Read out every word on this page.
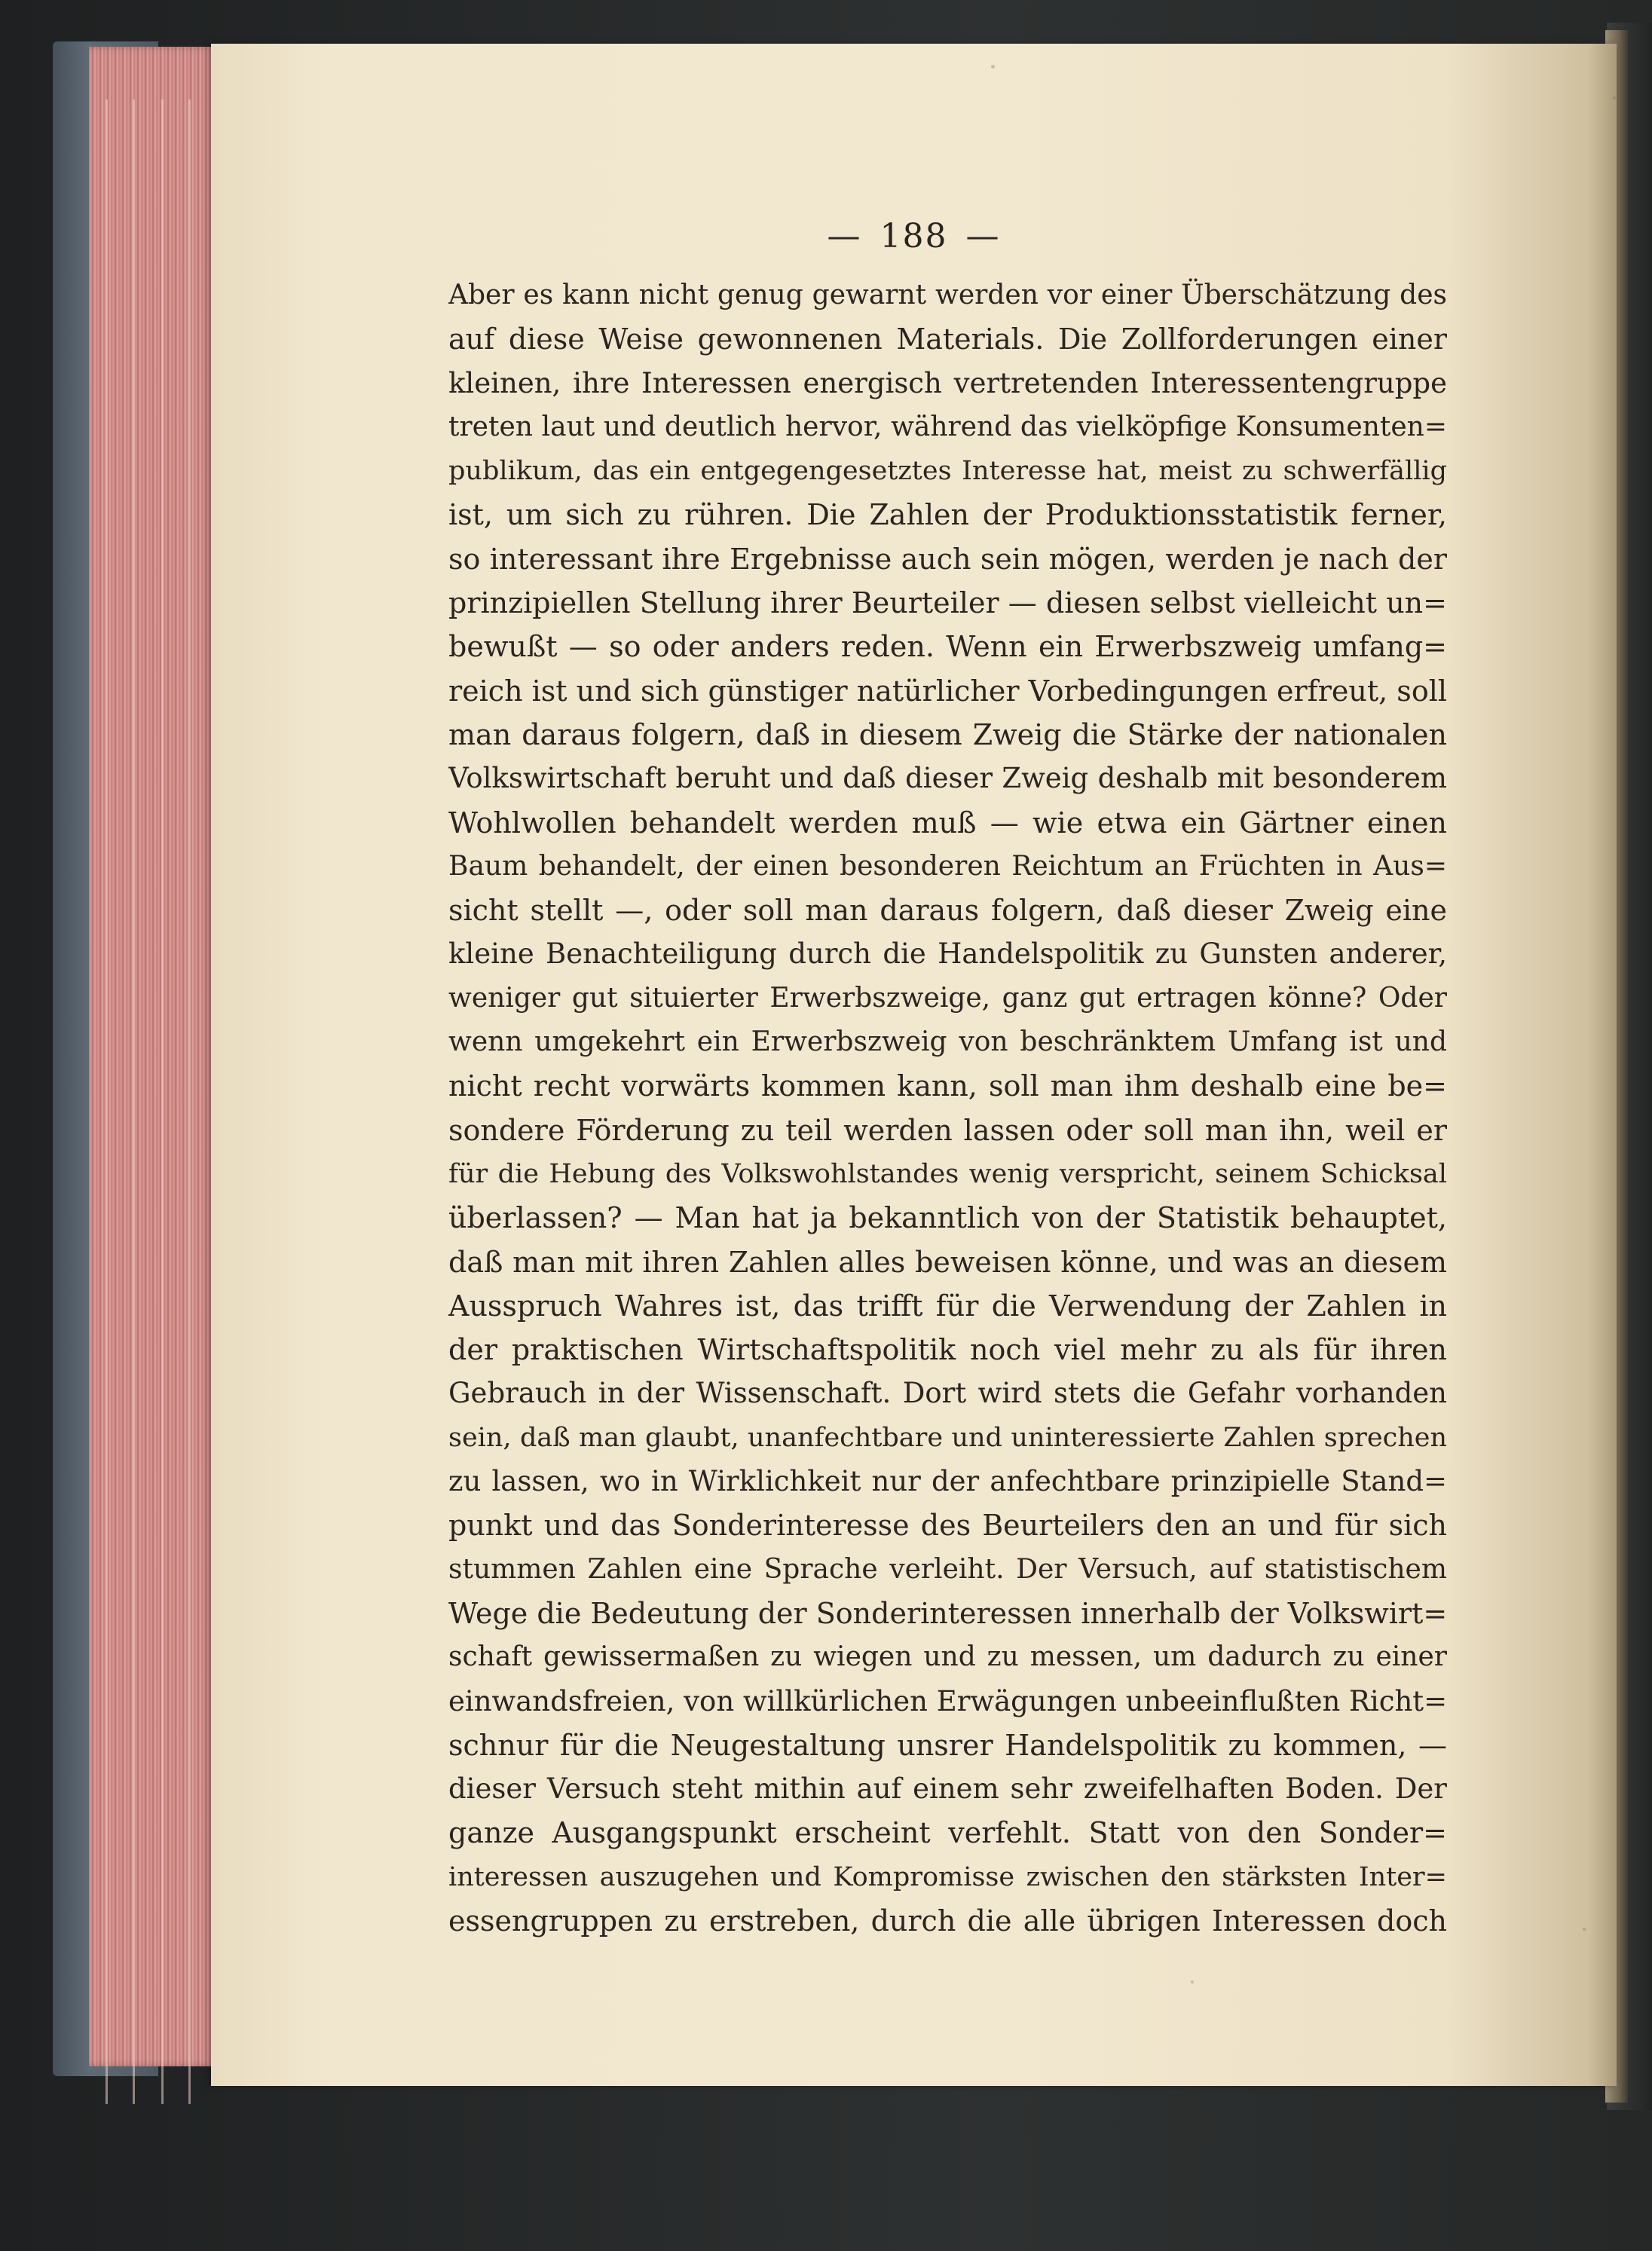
— 188 —
Aber es kann nicht genug gewarnt werden vor einer Überschätzung des
auf diese Weise gewonnenen Materials. Die Zollforderungen einer
kleinen, ihre Interessen energisch vertretenden Interessentengruppe
treten laut und deutlich hervor, während das vielköpfige Konsumenten=
publikum, das ein entgegengesetztes Interesse hat, meist zu schwerfällig
ist, um sich zu rühren. Die Zahlen der Produktionsstatistik ferner,
so interessant ihre Ergebnisse auch sein mögen, werden je nach der
prinzipiellen Stellung ihrer Beurteiler — diesen selbst vielleicht un=
bewußt — so oder anders reden. Wenn ein Erwerbszweig umfang=
reich ist und sich günstiger natürlicher Vorbedingungen erfreut, soll
man daraus folgern, daß in diesem Zweig die Stärke der nationalen
Volkswirtschaft beruht und daß dieser Zweig deshalb mit besonderem
Wohlwollen behandelt werden muß — wie etwa ein Gärtner einen
Baum behandelt, der einen besonderen Reichtum an Früchten in Aus=
sicht stellt —, oder soll man daraus folgern, daß dieser Zweig eine
kleine Benachteiligung durch die Handelspolitik zu Gunsten anderer,
weniger gut situierter Erwerbszweige, ganz gut ertragen könne? Oder
wenn umgekehrt ein Erwerbszweig von beschränktem Umfang ist und
nicht recht vorwärts kommen kann, soll man ihm deshalb eine be=
sondere Förderung zu teil werden lassen oder soll man ihn, weil er
für die Hebung des Volkswohlstandes wenig verspricht, seinem Schicksal
überlassen? — Man hat ja bekanntlich von der Statistik behauptet,
daß man mit ihren Zahlen alles beweisen könne, und was an diesem
Ausspruch Wahres ist, das trifft für die Verwendung der Zahlen in
der praktischen Wirtschaftspolitik noch viel mehr zu als für ihren
Gebrauch in der Wissenschaft. Dort wird stets die Gefahr vorhanden
sein, daß man glaubt, unanfechtbare und uninteressierte Zahlen sprechen
zu lassen, wo in Wirklichkeit nur der anfechtbare prinzipielle Stand=
punkt und das Sonderinteresse des Beurteilers den an und für sich
stummen Zahlen eine Sprache verleiht. Der Versuch, auf statistischem
Wege die Bedeutung der Sonderinteressen innerhalb der Volkswirt=
schaft gewissermaßen zu wiegen und zu messen, um dadurch zu einer
einwandsfreien, von willkürlichen Erwägungen unbeeinflußten Richt=
schnur für die Neugestaltung unsrer Handelspolitik zu kommen, —
dieser Versuch steht mithin auf einem sehr zweifelhaften Boden. Der
ganze Ausgangspunkt erscheint verfehlt. Statt von den Sonder=
interessen auszugehen und Kompromisse zwischen den stärksten Inter=
essengruppen zu erstreben, durch die alle übrigen Interessen doch
